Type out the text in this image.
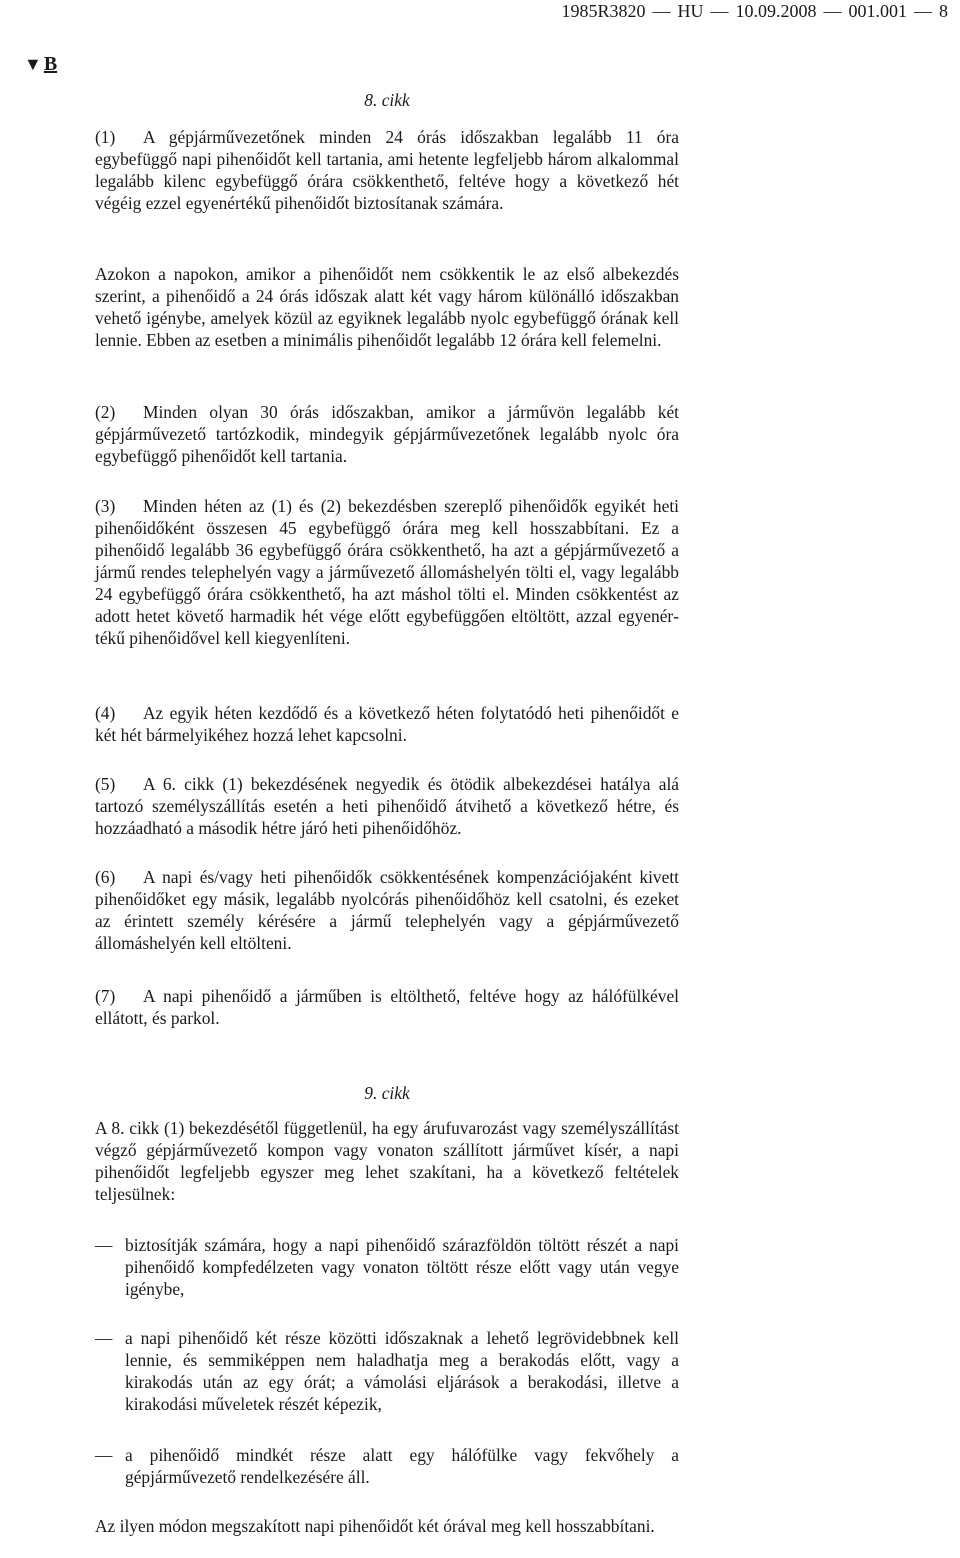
1985R3820 — HU — 10.09.2008 — 001.001 — 8
▼ B
8. cikk

(1) A gépjárművezetőnek minden 24 órás időszakban legalább 11 óra egybefüggő napi pihenőidőt kell tartania, ami hetente legfeljebb három alkalommal legalább kilenc egybefüggő órára csökkenthető, feltéve hogy a következő hét végéig ezzel egyenértékű pihenőidőt biztosítanak számára.

Azokon a napokon, amikor a pihenőidőt nem csökkentik le az első albekezdés szerint, a pihenőidő a 24 órás időszak alatt két vagy három különálló időszakban vehető igénybe, amelyek közül az egyiknek legalább nyolc egybefüggő órának kell lennie. Ebben az esetben a minimális pihenőidőt legalább 12 órára kell felemelni.

(2) Minden olyan 30 órás időszakban, amikor a járművön legalább két gépjárművezető tartózkodik, mindegyik gépjárművezetőnek legalább nyolc óra egybefüggő pihenőidőt kell tartania.

(3) Minden héten az (1) és (2) bekezdésben szereplő pihenőidők egyikét heti pihenőidőként összesen 45 egybefüggő órára meg kell hosszabbítani. Ez a pihenőidő legalább 36 egybefüggő órára csökkenthető, ha azt a gépjárművezető a jármű rendes telephelyén vagy a járművezető állomáshelyén tölti el, vagy legalább 24 egybefüggő órára csökkenthető, ha azt máshol tölti el. Minden csökkentést az adott hetet követő harmadik hét vége előtt egybefüggően eltöltött, azzal egyenértékű pihenőidővel kell kiegyenlíteni.

(4) Az egyik héten kezdődő és a következő héten folytatódó heti pihenőidőt e két hét bármelyikéhez hozzá lehet kapcsolni.

(5) A 6. cikk (1) bekezdésének negyedik és ötödik albekezdései hatálya alá tartozó személyszállítás esetén a heti pihenőidő átvihető a következő hétre, és hozzáadható a második hétre járó heti pihenőidőhöz.

(6) A napi és/vagy heti pihenőidők csökkentésének kompenzációjaként kivett pihenőidőket egy másik, legalább nyolcórás pihenőidőhöz kell csatolni, és ezeket az érintett személy kérésére a jármű telephelyén vagy a gépjárművezető állomáshelyén kell eltölteni.

(7) A napi pihenőidő a járműben is eltölthető, feltéve hogy az hálófülkével ellátott, és parkol.

9. cikk

A 8. cikk (1) bekezdésétől függetlenül, ha egy árufuvarozást vagy személyszállítást végző gépjárművezető kompon vagy vonaton szállított járművet kísér, a napi pihenőidőt legfeljebb egyszer meg lehet szakítani, ha a következő feltételek teljesülnek:

— biztosítják számára, hogy a napi pihenőidő szárazföldön töltött részét a napi pihenőidő kompfedélzeten vagy vonaton töltött része előtt vagy után vegye igénybe,
— a napi pihenőidő két része közötti időszaknak a lehető legrövidebbnek kell lennie, és semmiképpen nem haladhatja meg a berakodás előtt, vagy a kirakodás után az egy órát; a vámolási eljárások a berakodási, illetve a kirakodási műveletek részét képezik,
— a pihenőidő mindkét része alatt egy hálófülke vagy fekvőhely a gépjárművezető rendelkezésére áll.

Az ilyen módon megszakított napi pihenőidőt két órával meg kell hosszabbítani.
